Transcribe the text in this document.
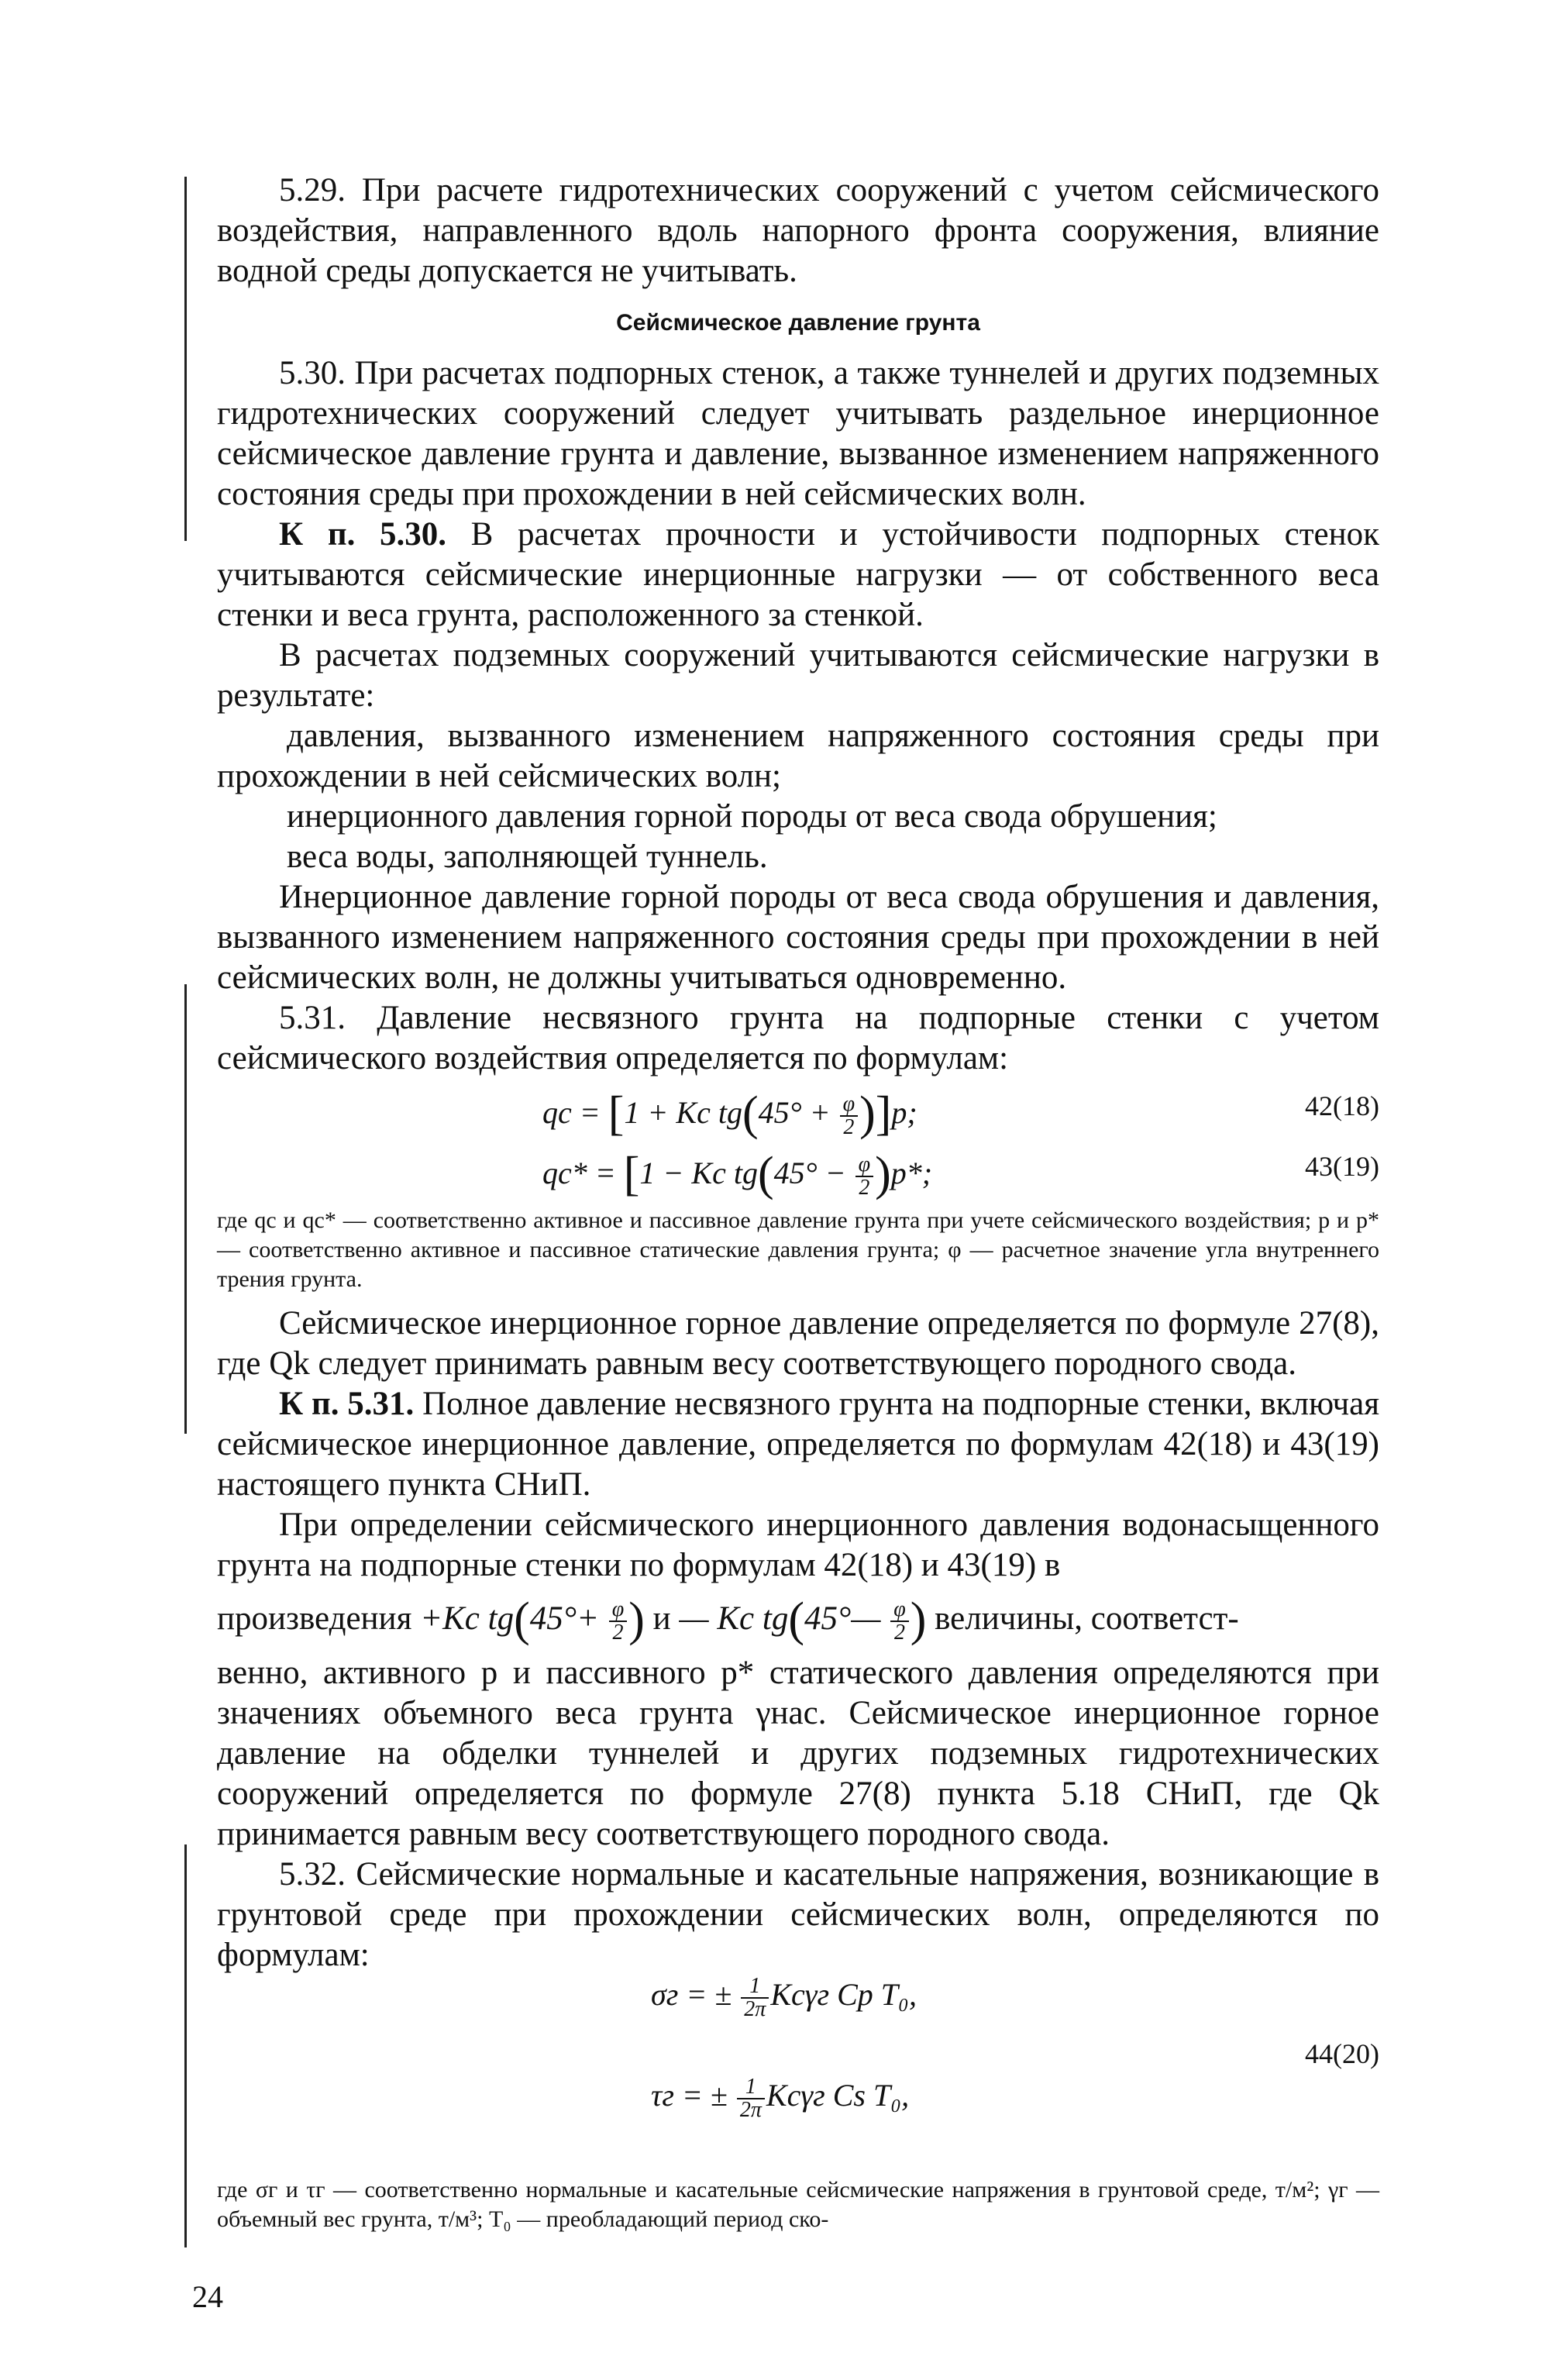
5.29. При расчете гидротехнических сооружений с учетом сейсмического воздействия, направленного вдоль напорного фронта сооружения, влияние водной среды допускается не учитывать.

Сейсмическое давление грунта

5.30. При расчетах подпорных стенок, а также туннелей и других подземных гидротехнических сооружений следует учитывать раздельное инерционное сейсмическое давление грунта и давление, вызванное изменением напряженного состояния среды при прохождении в ней сейсмических волн.

К п. 5.30. В расчетах прочности и устойчивости подпорных стенок учитываются сейсмические инерционные нагрузки — от собственного веса стенки и веса грунта, расположенного за стенкой.

В расчетах подземных сооружений учитываются сейсмические нагрузки в результате:

давления, вызванного изменением напряженного состояния среды при прохождении в ней сейсмических волн;

инерционного давления горной породы от веса свода обрушения;

веса воды, заполняющей туннель.

Инерционное давление горной породы от веса свода обрушения и давления, вызванного изменением напряженного состояния среды при прохождении в ней сейсмических волн, не должны учитываться одновременно.

5.31. Давление несвязного грунта на подпорные стенки с учетом сейсмического воздействия определяется по формулам:

qc = [1 + Kc $tg(45^\circ + \frac{\varphi}{2} )]p$;	42(18)
qc* = [1 − Kc $tg(45^\circ - \frac{\varphi}{2} )p*$;	43(19)

где qc и qc* — соответственно активное и пассивное давление грунта при учете сейсмического воздействия; p и p* — соответственно активное и пассивное статические давления грунта; φ — расчетное значение угла внутреннего трения грунта.

Сейсмическое инерционное горное давление определяется по формуле 27(8), где Qk следует принимать равным весу соответствующего породного свода.

К п. 5.31. Полное давление несвязного грунта на подпорные стенки, включая сейсмическое инерционное давление, определяется по формулам 42(18) и 43(19) настоящего пункта СНиП.

При определении сейсмического инерционного давления водонасыщенного грунта на подпорные стенки по формулам 42(18) и 43(19) в

произведения +Kc $tg(45^\circ+ \frac{\varphi}{2}$ ) и — Kc tg(45°— $\frac{\varphi}{2}$ ) величины, соответст-

венно, активного p и пассивного p* статического давления определяются при значениях объемного веса грунта γнас. Сейсмическое инерционное горное давление на обделки туннелей и других подземных гидротехнических сооружений определяется по формуле 27(8) пункта 5.18 СНиП, где Qk принимается равным весу соответствующего породного свода.

5.32. Сейсмические нормальные и касательные напряжения, возникающие в грунтовой среде при прохождении сейсмических волн, определяются по формулам:

σг = ± $\frac{1}{2\pi}$ Kcγг Cp T₀,
44(20)
τг = ± $\frac{1}{2\pi}$ Kcγг Cs T₀,

где σг и τг — соответственно нормальные и касательные сейсмические напряжения в грунтовой среде, т/м²; γг — объемный вес грунта, т/м³; T₀ — преобладающий период ско-

24
